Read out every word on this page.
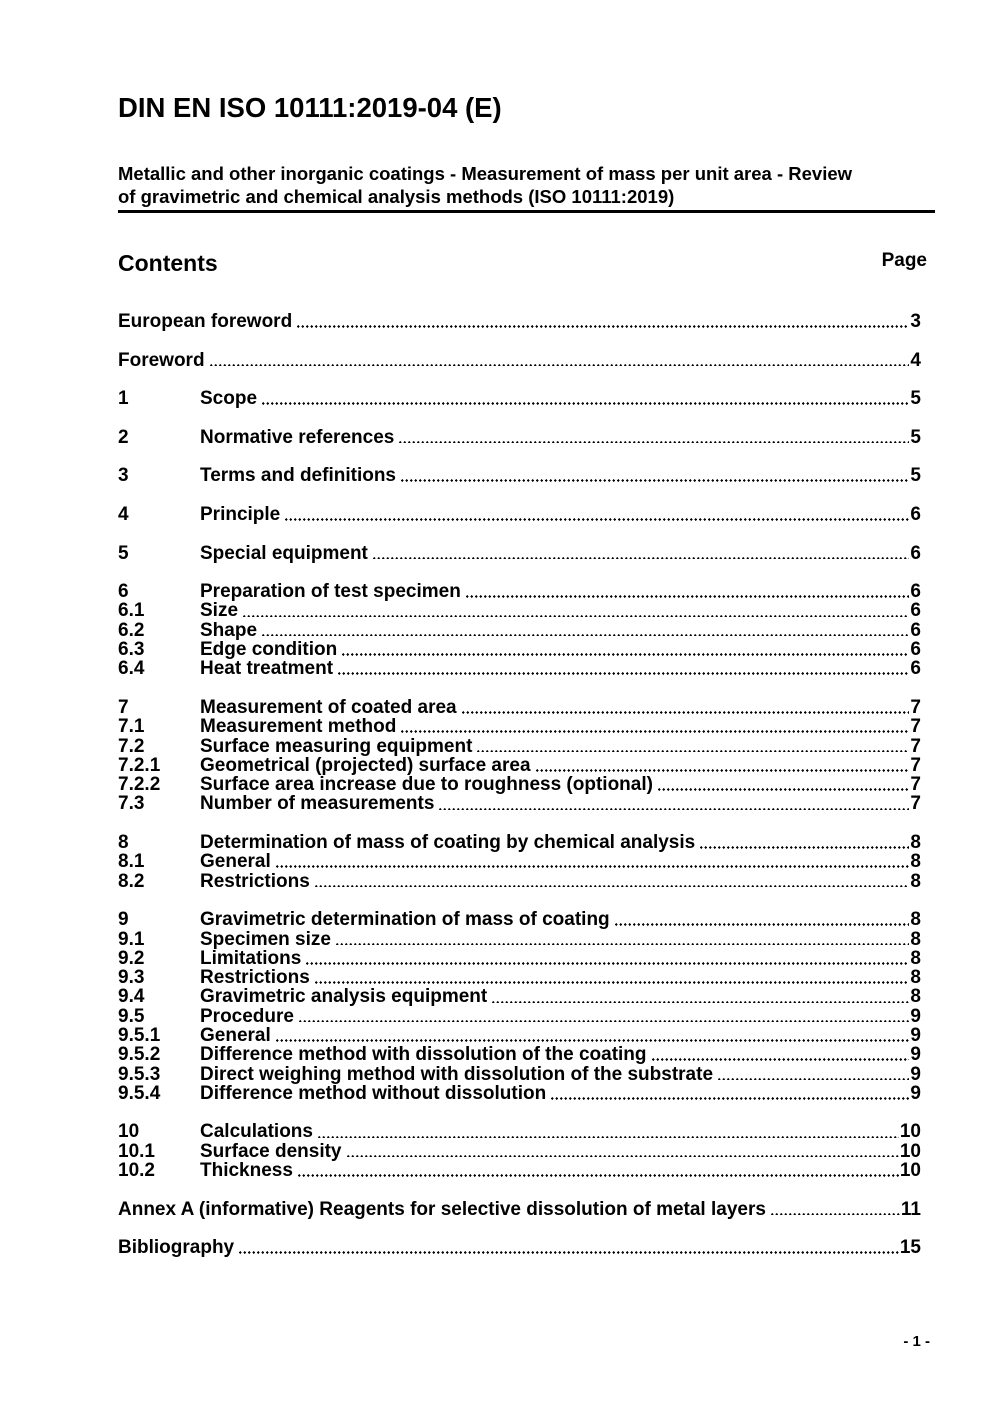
DIN EN ISO 10111:2019-04 (E)
Metallic and other inorganic coatings - Measurement of mass per unit area - Review
of gravimetric and chemical analysis methods (ISO 10111:2019)
Contents	Page
European foreword	3
Foreword	4
1	Scope	5
2	Normative references	5
3	Terms and definitions	5
4	Principle	6
5	Special equipment	6
6	Preparation of test specimen	6
6.1	Size	6
6.2	Shape	6
6.3	Edge condition	6
6.4	Heat treatment	6
7	Measurement of coated area	7
7.1	Measurement method	7
7.2	Surface measuring equipment	7
7.2.1	Geometrical (projected) surface area	7
7.2.2	Surface area increase due to roughness (optional)	7
7.3	Number of measurements	7
8	Determination of mass of coating by chemical analysis	8
8.1	General	8
8.2	Restrictions	8
9	Gravimetric determination of mass of coating	8
9.1	Specimen size	8
9.2	Limitations	8
9.3	Restrictions	8
9.4	Gravimetric analysis equipment	8
9.5	Procedure	9
9.5.1	General	9
9.5.2	Difference method with dissolution of the coating	9
9.5.3	Direct weighing method with dissolution of the substrate	9
9.5.4	Difference method without dissolution	9
10	Calculations	10
10.1	Surface density	10
10.2	Thickness	10
Annex A (informative) Reagents for selective dissolution of metal layers	11
Bibliography	15
- 1 -
